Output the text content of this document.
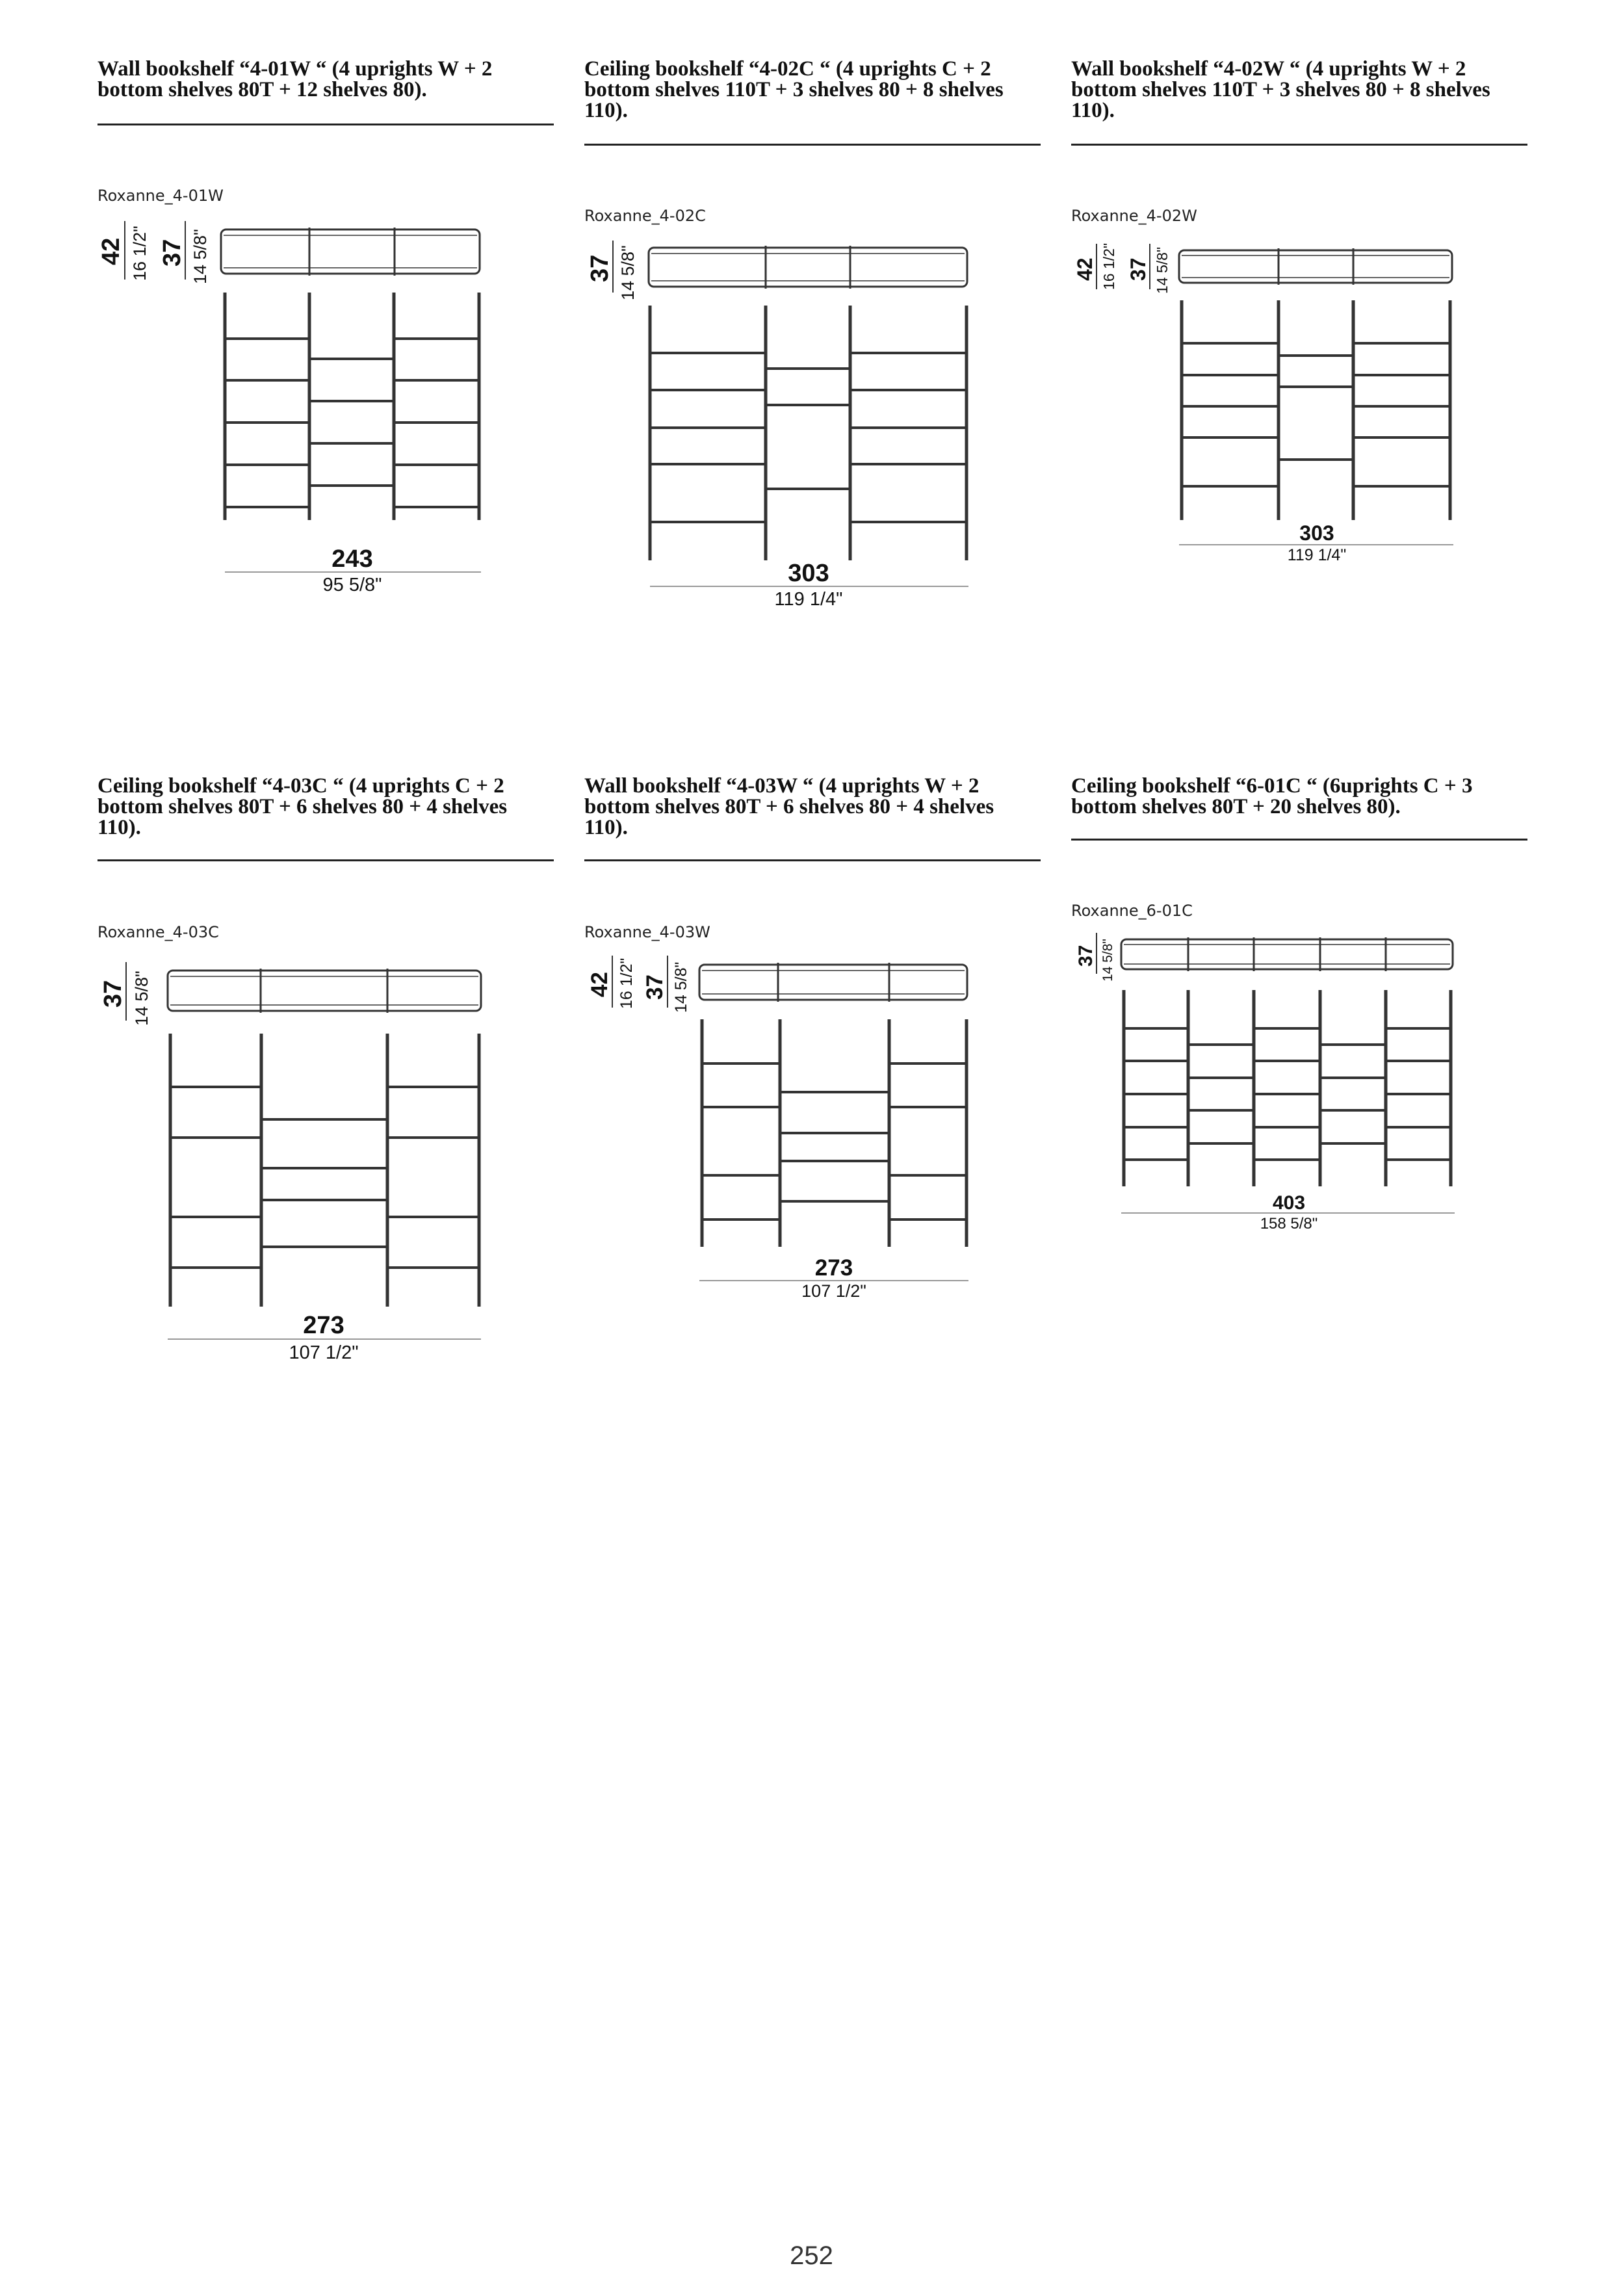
Wall bookshelf “4-01W “ (4 uprights W + 2 bottom shelves 80T + 12 shelves 80).
Roxanne_4-01W
42 16 1/2" 37 14 5/8"
243
95 5/8"
Ceiling bookshelf “4-02C “ (4 uprights C + 2 bottom shelves 110T + 3 shelves 80 + 8 shelves 110).
Roxanne_4-02C
37 14 5/8"
303
119 1/4"
Wall bookshelf “4-02W “ (4 uprights W + 2 bottom shelves 110T + 3 shelves 80 + 8 shelves 110).
Roxanne_4-02W
42 16 1/2" 37 14 5/8"
303
119 1/4"
Ceiling bookshelf “4-03C “ (4 uprights C + 2 bottom shelves 80T + 6 shelves 80 + 4 shelves 110).
Roxanne_4-03C
37 14 5/8"
273
107 1/2"
Wall bookshelf “4-03W “ (4 uprights W + 2 bottom shelves 80T + 6 shelves 80 + 4 shelves 110).
Roxanne_4-03W
42 16 1/2" 37 14 5/8"
273
107 1/2"
Ceiling bookshelf “6-01C “ (6uprights C + 3 bottom shelves 80T + 20 shelves 80).
Roxanne_6-01C
37 14 5/8"
403
158 5/8"
252
